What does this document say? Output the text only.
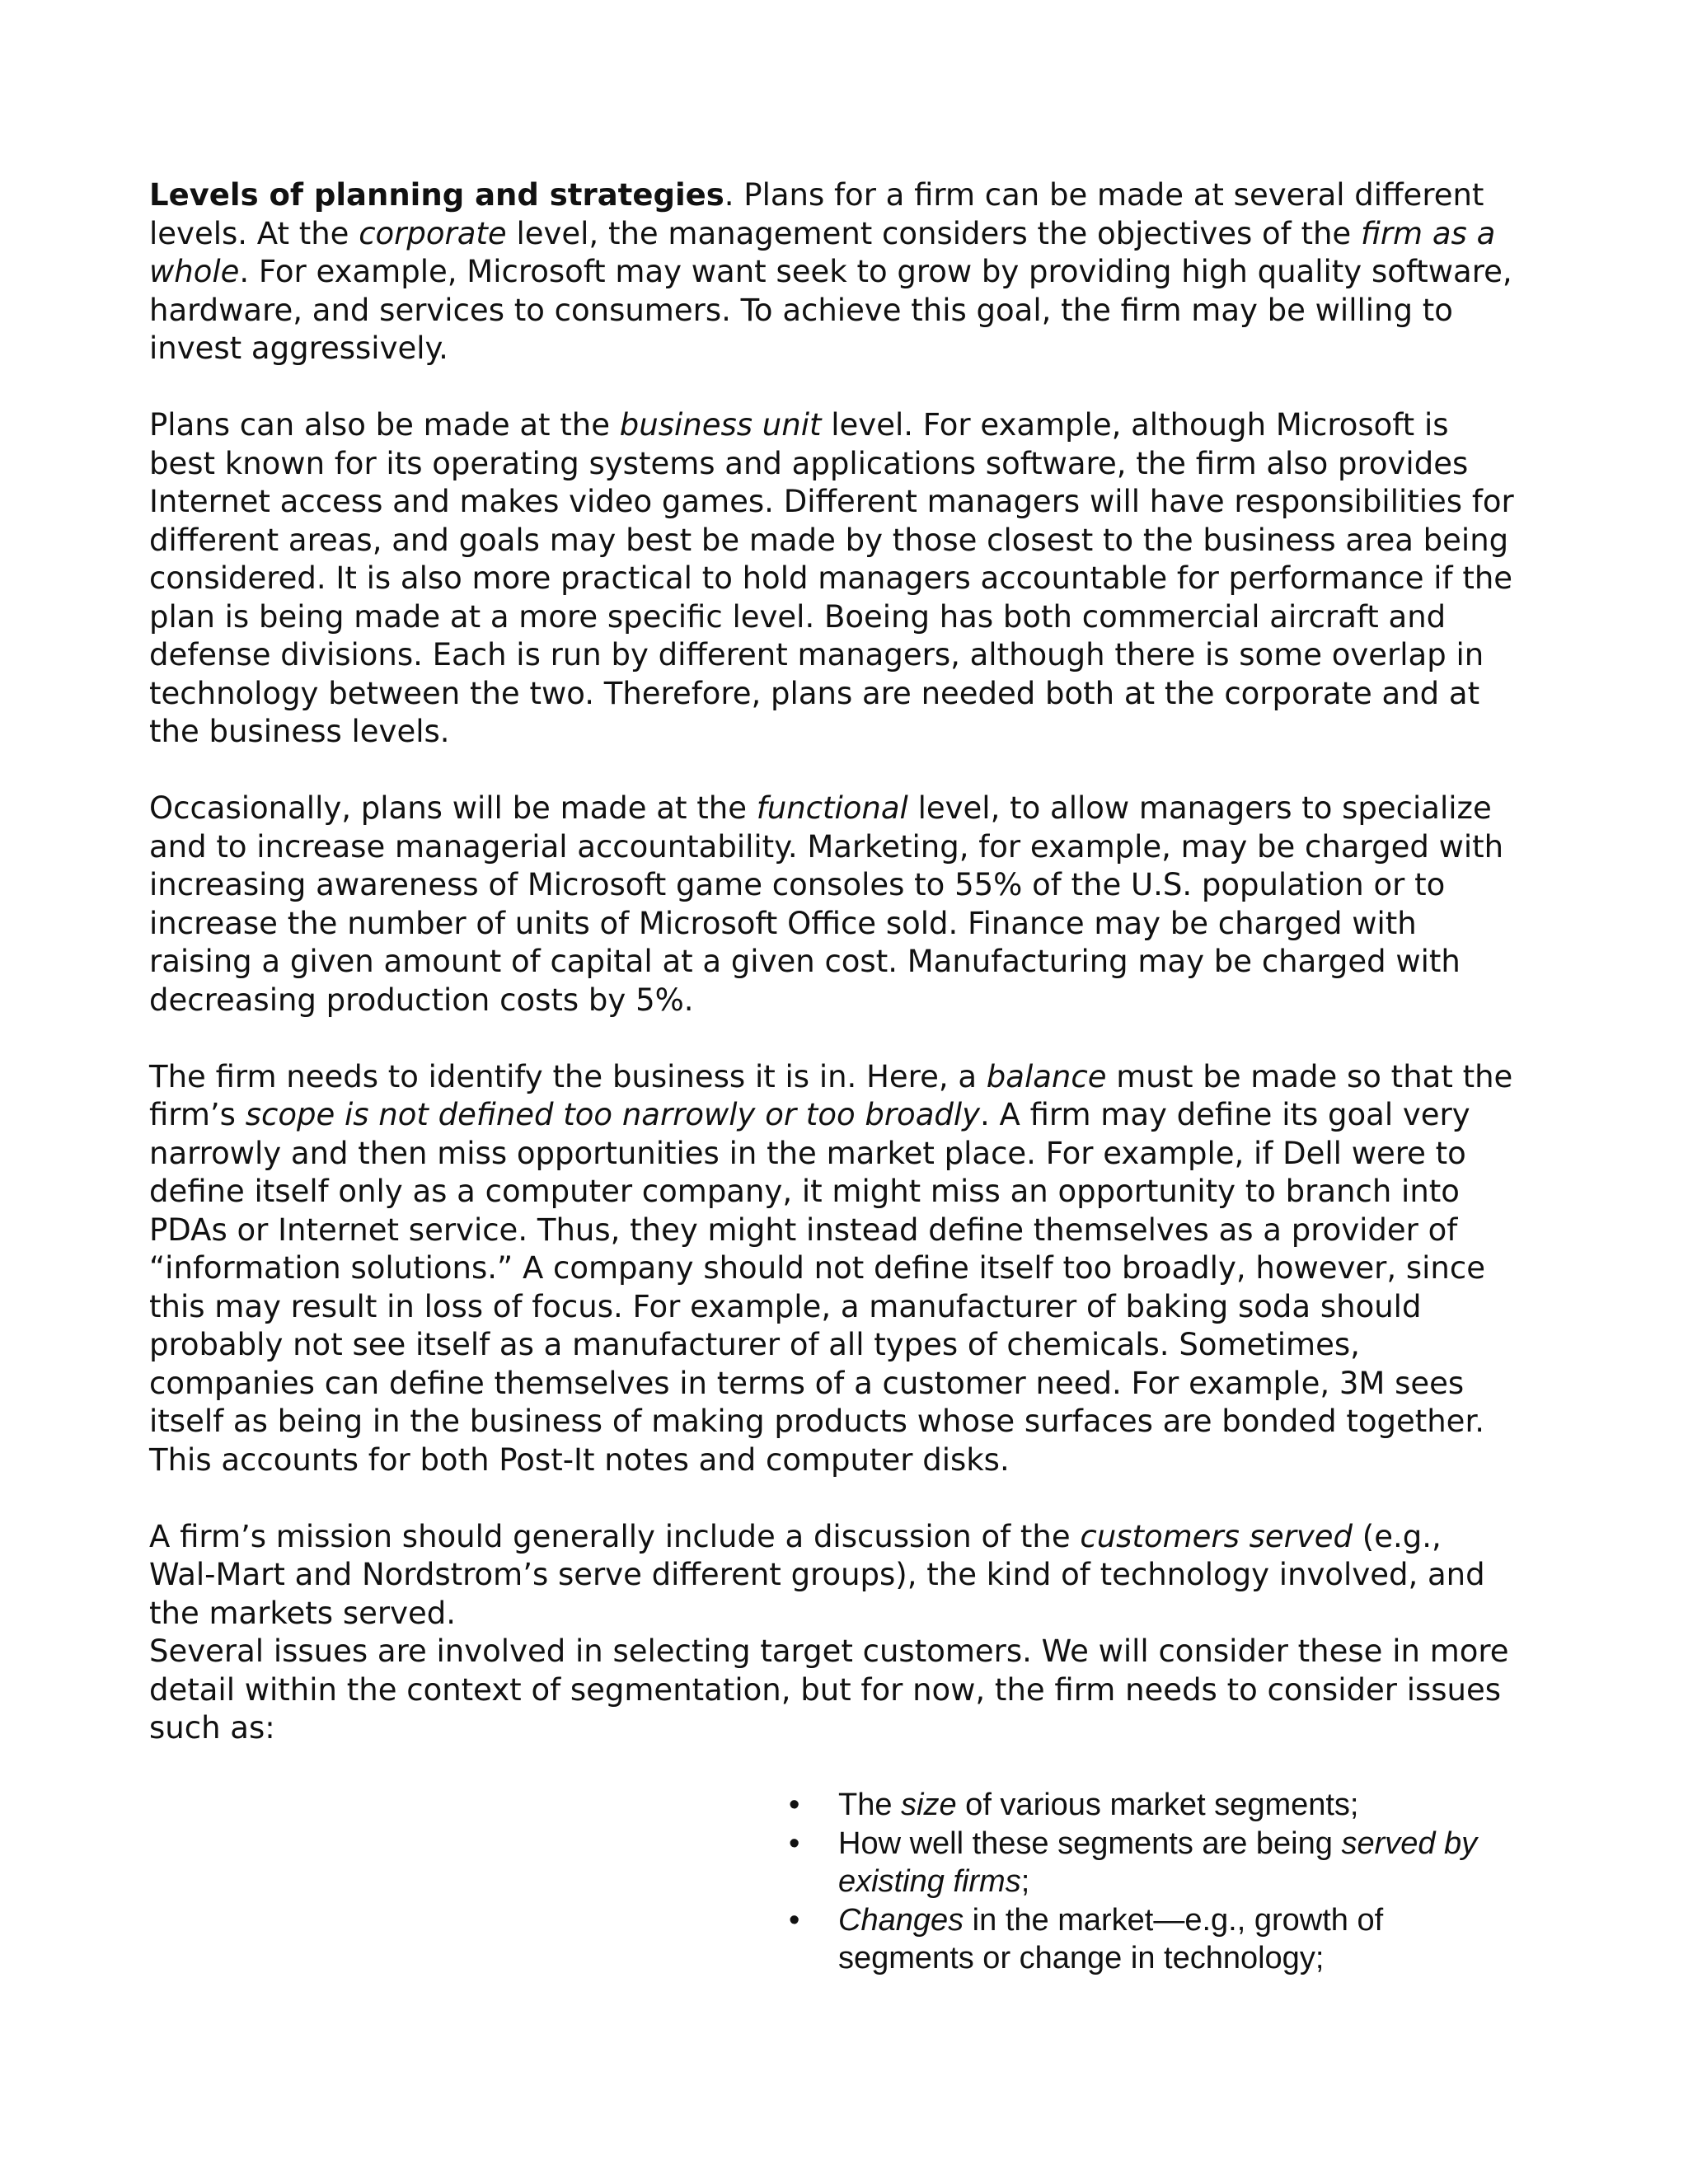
Levels of planning and strategies. Plans for a firm can be made at several different levels. At the corporate level, the management considers the objectives of the firm as a whole. For example, Microsoft may want seek to grow by providing high quality software, hardware, and services to consumers. To achieve this goal, the firm may be willing to invest aggressively.

Plans can also be made at the business unit level. For example, although Microsoft is best known for its operating systems and applications software, the firm also provides Internet access and makes video games. Different managers will have responsibilities for different areas, and goals may best be made by those closest to the business area being considered. It is also more practical to hold managers accountable for performance if the plan is being made at a more specific level. Boeing has both commercial aircraft and defense divisions. Each is run by different managers, although there is some overlap in technology between the two. Therefore, plans are needed both at the corporate and at the business levels.

Occasionally, plans will be made at the functional level, to allow managers to specialize and to increase managerial accountability. Marketing, for example, may be charged with increasing awareness of Microsoft game consoles to 55% of the U.S. population or to increase the number of units of Microsoft Office sold. Finance may be charged with raising a given amount of capital at a given cost. Manufacturing may be charged with decreasing production costs by 5%.

The firm needs to identify the business it is in. Here, a balance must be made so that the firm’s scope is not defined too narrowly or too broadly. A firm may define its goal very narrowly and then miss opportunities in the market place. For example, if Dell were to define itself only as a computer company, it might miss an opportunity to branch into PDAs or Internet service. Thus, they might instead define themselves as a provider of “information solutions.” A company should not define itself too broadly, however, since this may result in loss of focus. For example, a manufacturer of baking soda should probably not see itself as a manufacturer of all types of chemicals. Sometimes, companies can define themselves in terms of a customer need. For example, 3M sees itself as being in the business of making products whose surfaces are bonded together. This accounts for both Post-It notes and computer disks.

A firm’s mission should generally include a discussion of the customers served (e.g., Wal-Mart and Nordstrom’s serve different groups), the kind of technology involved, and the markets served.

Several issues are involved in selecting target customers. We will consider these in more detail within the context of segmentation, but for now, the firm needs to consider issues such as:

• The size of various market segments;
• How well these segments are being served by existing firms;
• Changes in the market—e.g., growth of segments or change in technology;
